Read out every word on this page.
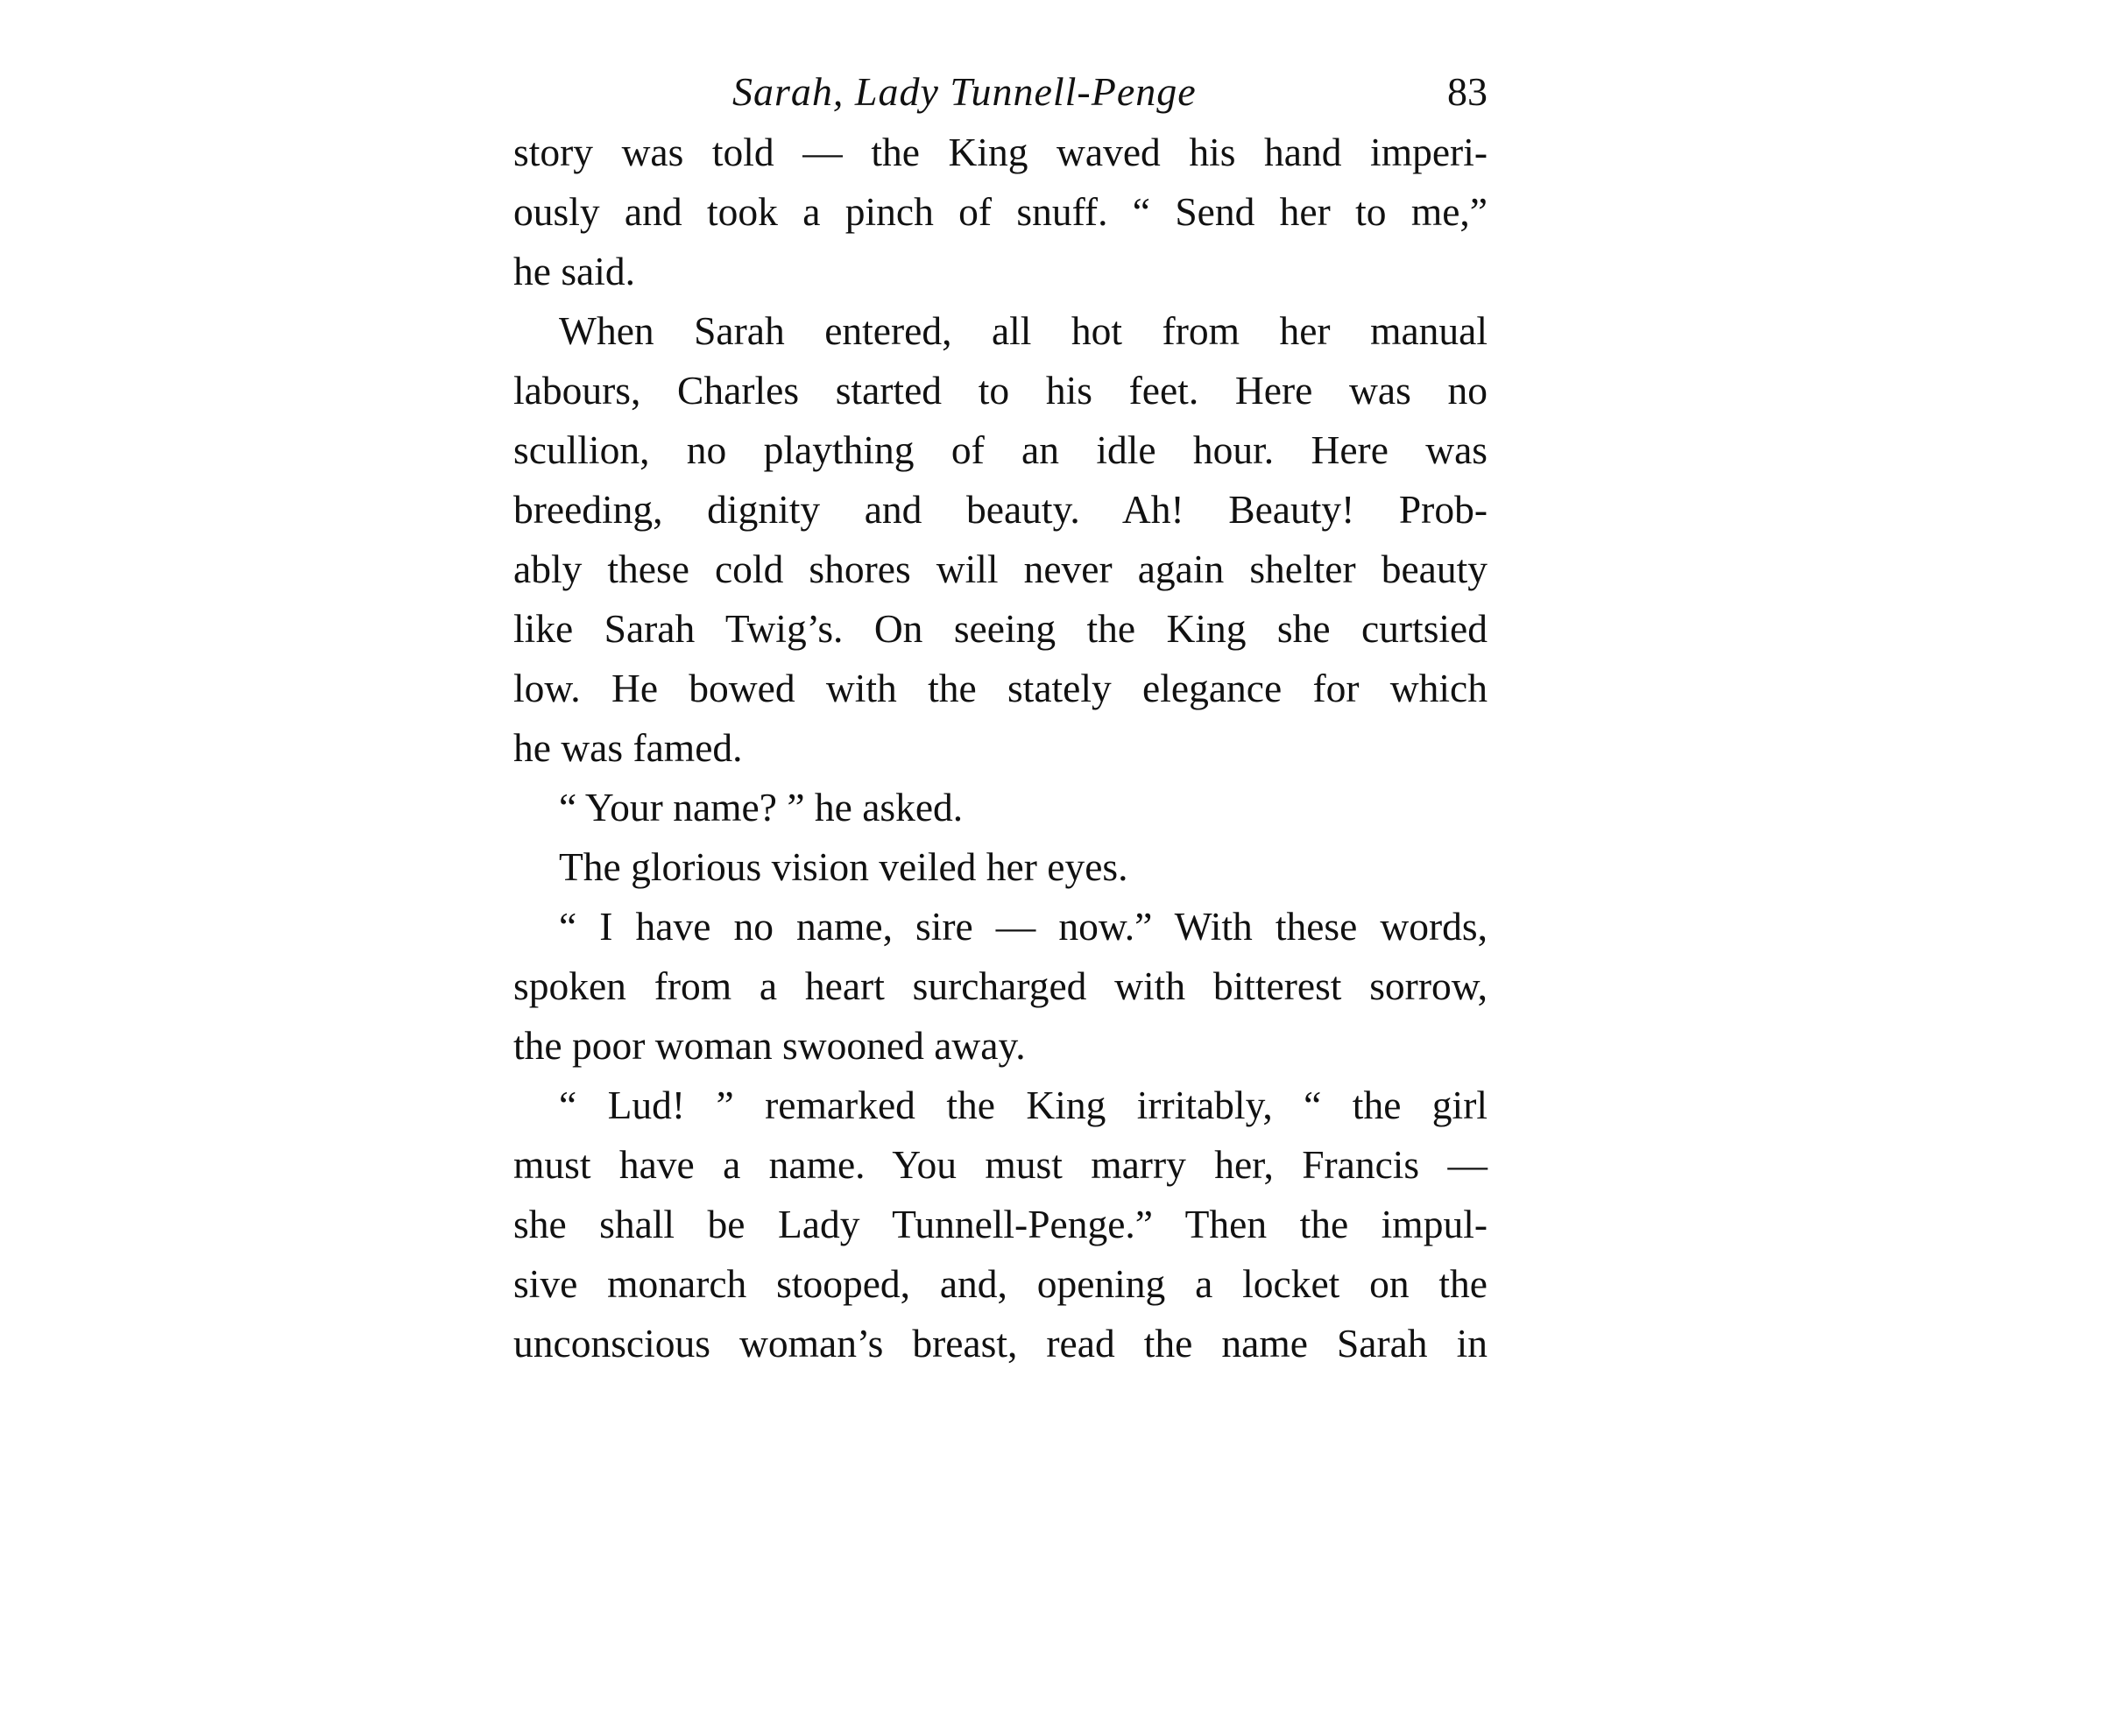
Sarah, Lady Tunnell-Penge	83
story was told — the King waved his hand imperi-
ously and took a pinch of snuff. “ Send her to me,”
he said.
When Sarah entered, all hot from her manual
labours, Charles started to his feet. Here was no
scullion, no plaything of an idle hour. Here was
breeding, dignity and beauty. Ah! Beauty! Prob-
ably these cold shores will never again shelter beauty
like Sarah Twig’s. On seeing the King she curtsied
low. He bowed with the stately elegance for which
he was famed.
“ Your name? ” he asked.
The glorious vision veiled her eyes.
“ I have no name, sire — now.” With these words,
spoken from a heart surcharged with bitterest sorrow,
the poor woman swooned away.
“ Lud! ” remarked the King irritably, “ the girl
must have a name. You must marry her, Francis —
she shall be Lady Tunnell-Penge.” Then the impul-
sive monarch stooped, and, opening a locket on the
unconscious woman’s breast, read the name Sarah in
